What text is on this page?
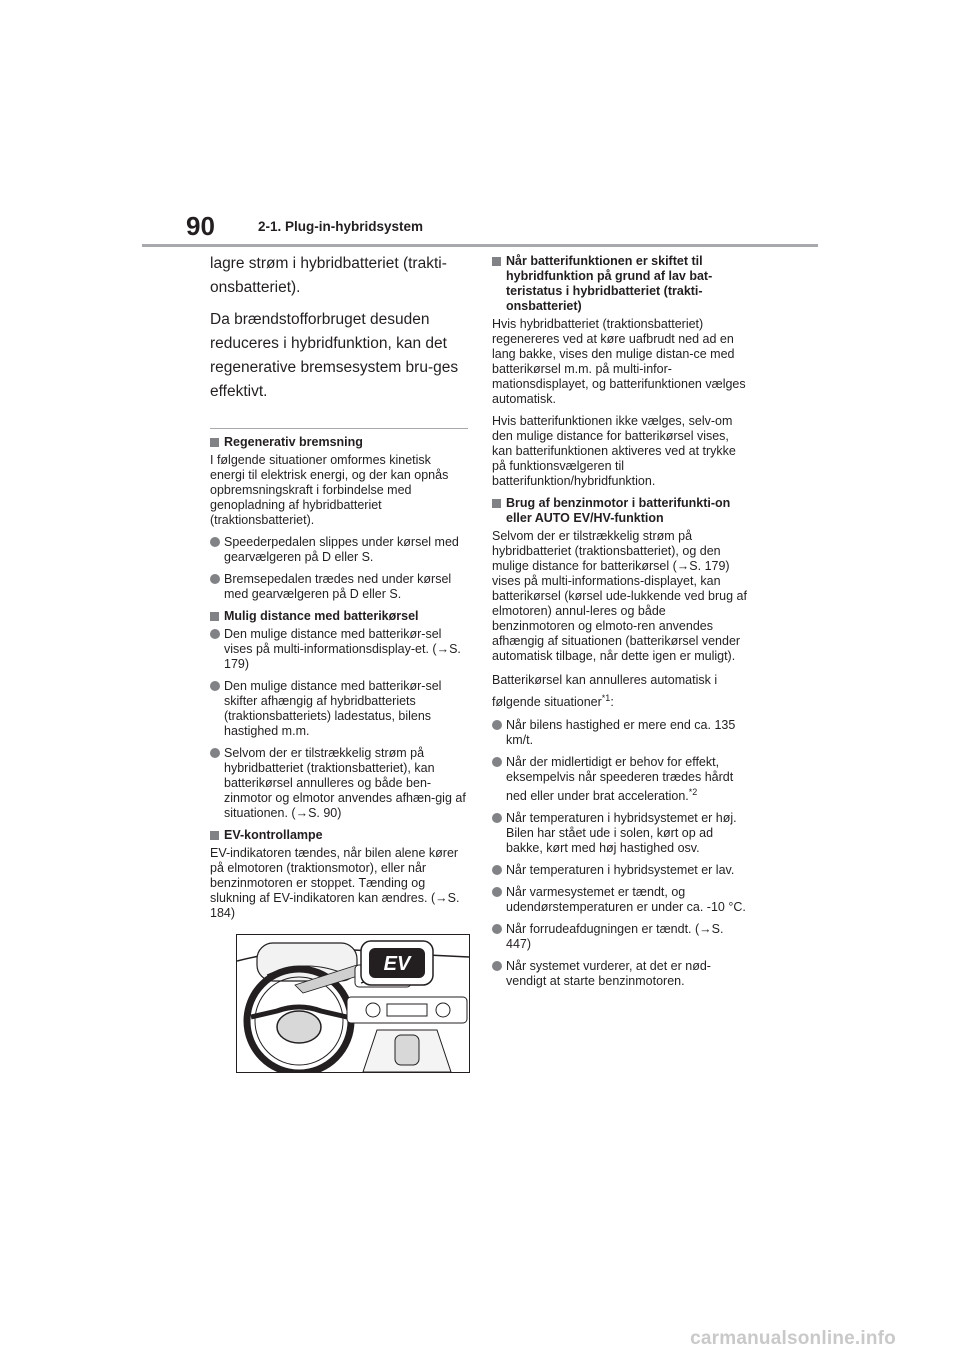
90	2-1. Plug-in-hybridsystem

lagre strøm i hybridbatteriet (trakti-onsbatteriet).

Da brændstofforbruget desuden reduceres i hybridfunktion, kan det regenerative bremsesystem bru-ges effektivt.

Regenerativ bremsning

I følgende situationer omformes kinetisk energi til elektrisk energi, og der kan opnås opbremsningskraft i forbindelse med genopladning af hybridbatteriet (traktionsbatteriet).

Speederpedalen slippes under kørsel med gearvælgeren på D eller S.
Bremsepedalen trædes ned under kørsel med gearvælgeren på D eller S.
Mulig distance med batterikørsel
Den mulige distance med batterikør-sel vises på multi-informationsdisplay-et. (→S. 179)
Den mulige distance med batterikør-sel skifter afhængig af hybridbatteriets (traktionsbatteriets) ladestatus, bilens hastighed m.m.
Selvom der er tilstrækkelig strøm på hybridbatteriet (traktionsbatteriet), kan batterikørsel annulleres og både ben-zinmotor og elmotor anvendes afhæn-gig af situationen. (→S. 90)
EV-kontrollampe

EV-indikatoren tændes, når bilen alene kører på elmotoren (traktionsmotor), eller når benzinmotoren er stoppet. Tænding og slukning af EV-indikatoren kan ændres. (→S. 184)

EV
Når batterifunktionen er skiftet til hybridfunktion på grund af lav bat-teristatus i hybridbatteriet (trakti-onsbatteriet)

Hvis hybridbatteriet (traktionsbatteriet) regenereres ved at køre uafbrudt ned ad en lang bakke, vises den mulige distan-ce med batterikørsel m.m. på multi-infor-mationsdisplayet, og batterifunktionen vælges automatisk.

Hvis batterifunktionen ikke vælges, selv-om den mulige distance for batterikørsel vises, kan batterifunktionen aktiveres ved at trykke på funktionsvælgeren til batterifunktion/hybridfunktion.

Brug af benzinmotor i batterifunkti-on eller AUTO EV/HV-funktion

Selvom der er tilstrækkelig strøm på hybridbatteriet (traktionsbatteriet), og den mulige distance for batterikørsel (→S. 179) vises på multi-informations-displayet, kan batterikørsel (kørsel ude-lukkende ved brug af elmotoren) annul-leres og både benzinmotoren og elmoto-ren anvendes afhængig af situationen (batterikørsel vender automatisk tilbage, når dette igen er muligt).

Batterikørsel kan annulleres automatisk i følgende situationer$^{*1}$:

Når bilens hastighed er mere end ca. 135 km/t.
Når der midlertidigt er behov for effekt, eksempelvis når speederen trædes hårdt ned eller under brat acceleration.$^{*2}$
Når temperaturen i hybridsystemet er høj.
Bilen har stået ude i solen, kørt op ad bakke, kørt med høj hastighed osv.
Når temperaturen i hybridsystemet er lav.
Når varmesystemet er tændt, og udendørstemperaturen er under ca. -10 °C.
Når forrudeafdugningen er tændt. (→S. 447)
Når systemet vurderer, at det er nød-vendigt at starte benzinmotoren.
carmanualsonline.info
